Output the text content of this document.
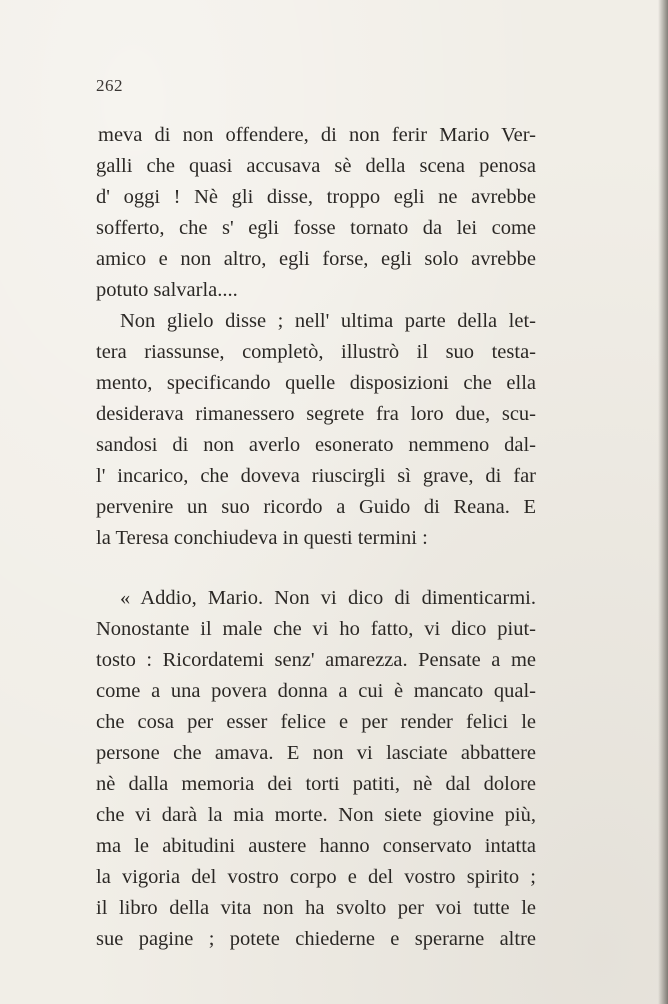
262
meva di non offendere, di non ferir Mario Ver-
galli che quasi accusava sè della scena penosa
d' oggi ! Nè gli disse, troppo egli ne avrebbe
sofferto, che s' egli fosse tornato da lei come
amico e non altro, egli forse, egli solo avrebbe
potuto salvarla....
Non glielo disse ; nell' ultima parte della let-
tera riassunse, completò, illustrò il suo testa-
mento, specificando quelle disposizioni che ella
desiderava rimanessero segrete fra loro due, scu-
sandosi di non averlo esonerato nemmeno dal-
l' incarico, che doveva riuscirgli sì grave, di far
pervenire un suo ricordo a Guido di Reana. E
la Teresa conchiudeva in questi termini :
« Addio, Mario. Non vi dico di dimenticarmi.
Nonostante il male che vi ho fatto, vi dico piut-
tosto : Ricordatemi senz' amarezza. Pensate a me
come a una povera donna a cui è mancato qual-
che cosa per esser felice e per render felici le
persone che amava. E non vi lasciate abbattere
nè dalla memoria dei torti patiti, nè dal dolore
che vi darà la mia morte. Non siete giovine più,
ma le abitudini austere hanno conservato intatta
la vigoria del vostro corpo e del vostro spirito ;
il libro della vita non ha svolto per voi tutte le
sue pagine ; potete chiederne e sperarne altre
